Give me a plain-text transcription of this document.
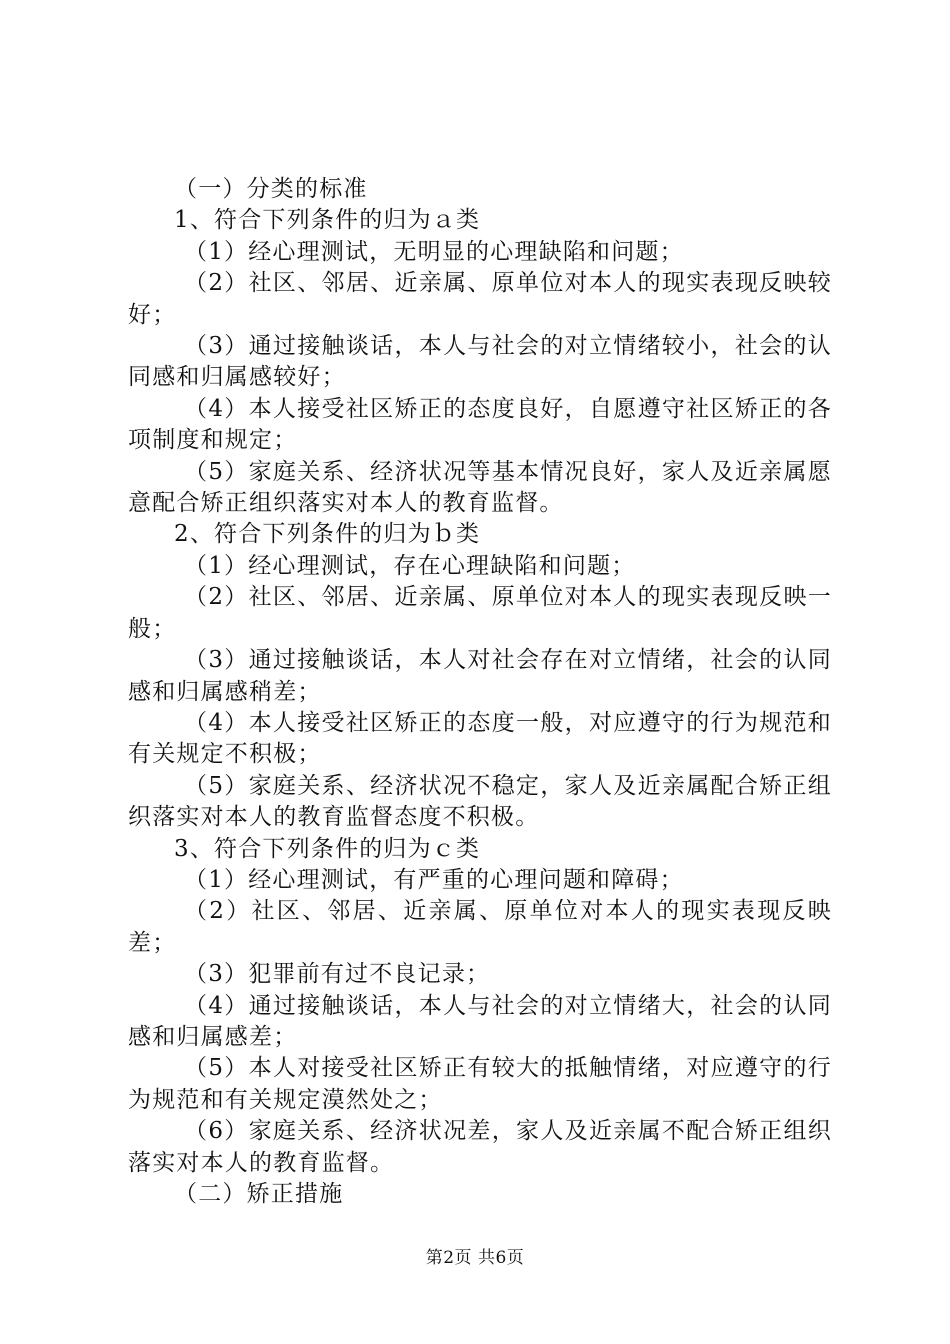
（一）分类的标准

1、符合下列条件的归为ａ类

（1）经心理测试，无明显的心理缺陷和问题；

（2）社区、邻居、近亲属、原单位对本人的现实表现反映较好；

（3）通过接触谈话，本人与社会的对立情绪较小，社会的认同感和归属感较好；

（4）本人接受社区矫正的态度良好，自愿遵守社区矫正的各项制度和规定；

（5）家庭关系、经济状况等基本情况良好，家人及近亲属愿意配合矫正组织落实对本人的教育监督。

2、符合下列条件的归为ｂ类

（1）经心理测试，存在心理缺陷和问题；

（2）社区、邻居、近亲属、原单位对本人的现实表现反映一般；

（3）通过接触谈话，本人对社会存在对立情绪，社会的认同感和归属感稍差；

（4）本人接受社区矫正的态度一般，对应遵守的行为规范和有关规定不积极；

（5）家庭关系、经济状况不稳定，家人及近亲属配合矫正组织落实对本人的教育监督态度不积极。

3、符合下列条件的归为ｃ类

（1）经心理测试，有严重的心理问题和障碍；

（2）社区、邻居、近亲属、原单位对本人的现实表现反映差；

（3）犯罪前有过不良记录；

（4）通过接触谈话，本人与社会的对立情绪大，社会的认同感和归属感差；

（5）本人对接受社区矫正有较大的抵触情绪，对应遵守的行为规范和有关规定漠然处之；

（6）家庭关系、经济状况差，家人及近亲属不配合矫正组织落实对本人的教育监督。

（二）矫正措施

第2页 共6页
